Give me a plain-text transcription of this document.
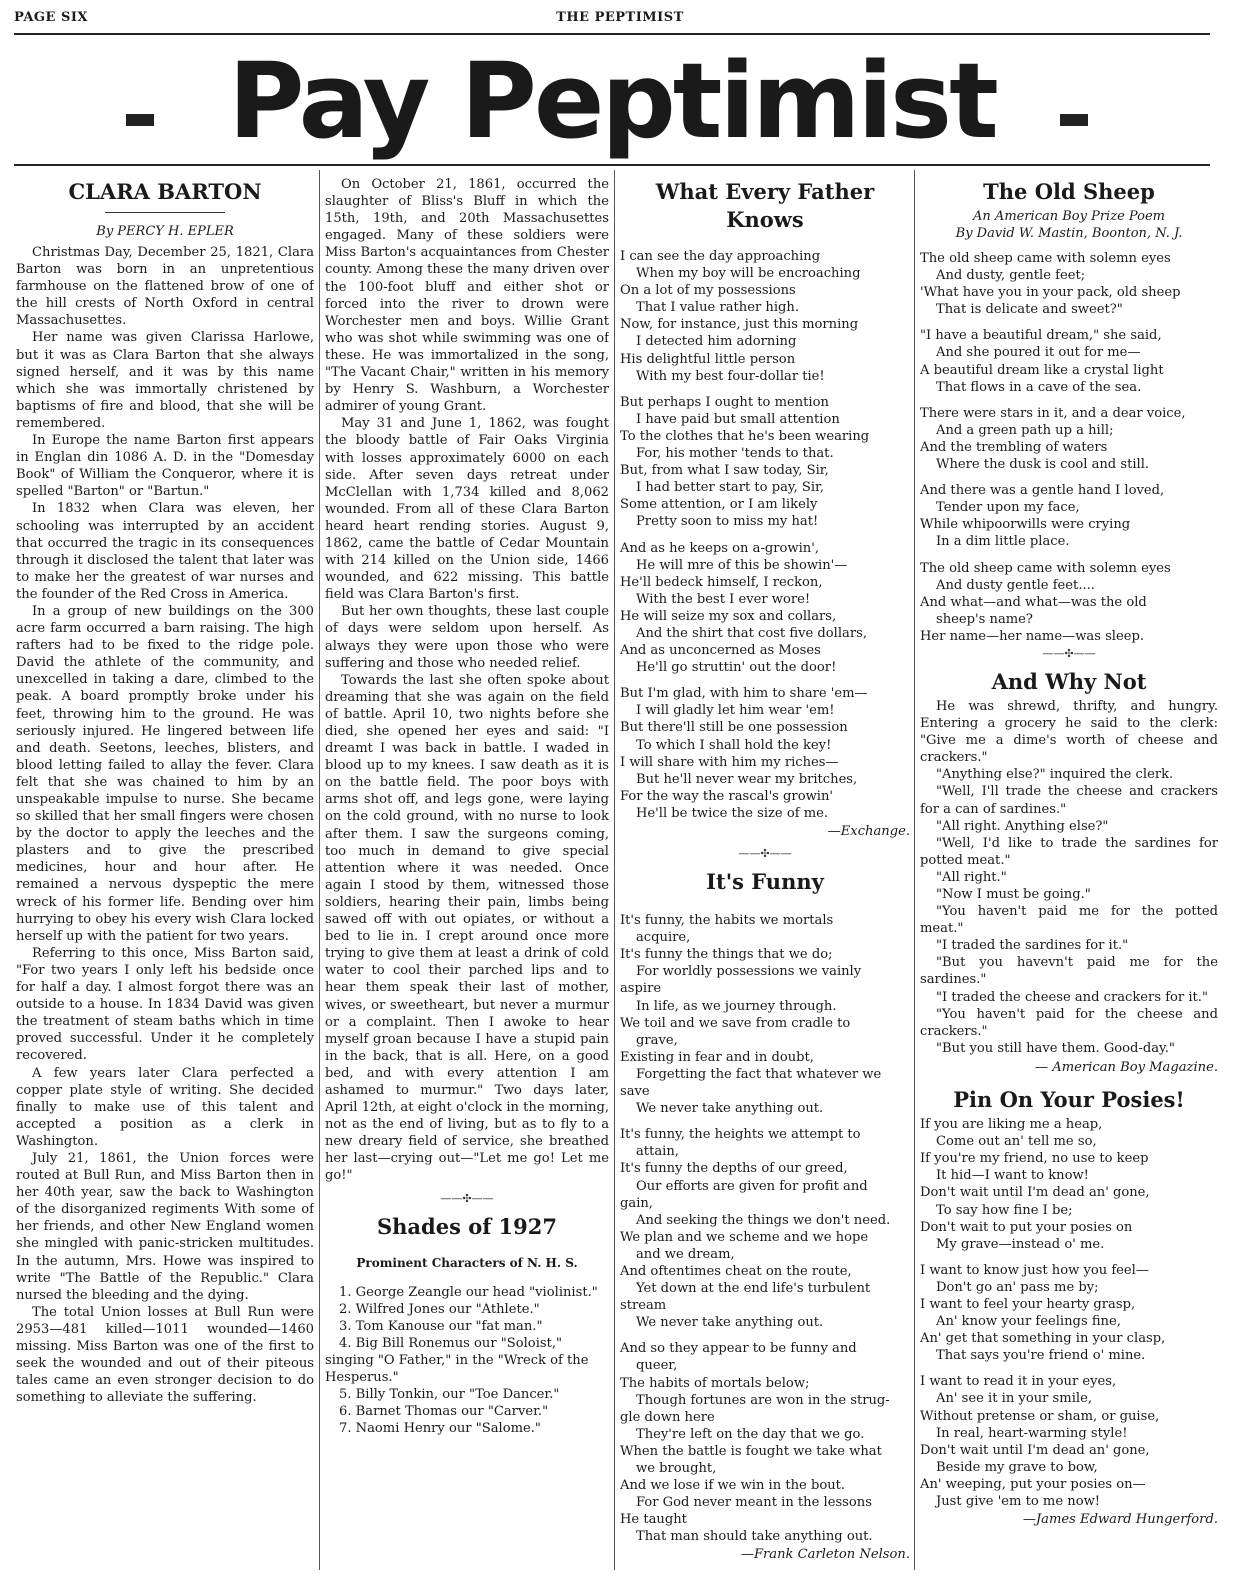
PAGE SIX	THE PEPTIMIST
Pay Peptimist
CLARA BARTON
By PERCY H. EPLER
Christmas Day, December 25, 1821, Clara Barton was born in an unpretentious farmhouse on the flattened brow of one of the hill crests of North Oxford in central Massachusettes.
Her name was given Clarissa Harlowe, but it was as Clara Barton that she always signed herself, and it was by this name which she was immortally christened by baptisms of fire and blood, that she will be remembered.
In Europe the name Barton first appears in Englan din 1086 A. D. in the "Domesday Book" of William the Conqueror, where it is spelled "Barton" or "Bartun."
In 1832 when Clara was eleven, her schooling was interrupted by an accident that occurred the tragic in its consequences through it disclosed the talent that later was to make her the greatest of war nurses and the founder of the Red Cross in America.
In a group of new buildings on the 300 acre farm occurred a barn raising. The high rafters had to be fixed to the ridge pole. David the athlete of the community, and unexcelled in taking a dare, climbed to the peak. A board promptly broke under his feet, throwing him to the ground. He was seriously injured. He lingered between life and death. Seetons, leeches, blisters, and blood letting failed to allay the fever. Clara felt that she was chained to him by an unspeakable impulse to nurse. She became so skilled that her small fingers were chosen by the doctor to apply the leeches and the plasters and to give the prescribed medicines, hour and hour after. He remained a nervous dyspeptic the mere wreck of his former life. Bending over him hurrying to obey his every wish Clara locked herself up with the patient for two years.
Referring to this once, Miss Barton said, "For two years I only left his bedside once for half a day. I almost forgot there was an outside to a house. In 1834 David was given the treatment of steam baths which in time proved successful. Under it he completely recovered.
A few years later Clara perfected a copper plate style of writing. She decided finally to make use of this talent and accepted a position as a clerk in Washington.
July 21, 1861, the Union forces were routed at Bull Run, and Miss Barton then in her 40th year, saw the back to Washington of the disorganized regiments With some of her friends, and other New England women she mingled with panic-stricken multitudes. In the autumn, Mrs. Howe was inspired to write "The Battle of the Republic." Clara nursed the bleeding and the dying.
The total Union losses at Bull Run were 2953—481 killed—1011 wounded—1460 missing. Miss Barton was one of the first to seek the wounded and out of their piteous tales came an even stronger decision to do something to alleviate the suffering.
On October 21, 1861, occurred the slaughter of Bliss's Bluff in which the 15th, 19th, and 20th Massachusettes engaged. Many of these soldiers were Miss Barton's acquaintances from Chester county. Among these the many driven over the 100-foot bluff and either shot or forced into the river to drown were Worchester men and boys. Willie Grant who was shot while swimming was one of these. He was immortalized in the song, "The Vacant Chair," written in his memory by Henry S. Washburn, a Worchester admirer of young Grant.
May 31 and June 1, 1862, was fought the bloody battle of Fair Oaks Virginia with losses approximately 6000 on each side. After seven days retreat under McClellan with 1,734 killed and 8,062 wounded. From all of these Clara Barton heard heart rending stories. August 9, 1862, came the battle of Cedar Mountain with 214 killed on the Union side, 1466 wounded, and 622 missing. This battle field was Clara Barton's first.
But her own thoughts, these last couple of days were seldom upon herself. As always they were upon those who were suffering and those who needed relief.
Towards the last she often spoke about dreaming that she was again on the field of battle. April 10, two nights before she died, she opened her eyes and said: "I dreamt I was back in battle. I waded in blood up to my knees. I saw death as it is on the battle field. The poor boys with arms shot off, and legs gone, were laying on the cold ground, with no nurse to look after them. I saw the surgeons coming, too much in demand to give special attention where it was needed. Once again I stood by them, witnessed those soldiers, hearing their pain, limbs being sawed off with out opiates, or without a bed to lie in. I crept around once more trying to give them at least a drink of cold water to cool their parched lips and to hear them speak their last of mother, wives, or sweetheart, but never a murmur or a complaint. Then I awoke to hear myself groan because I have a stupid pain in the back, that is all. Here, on a good bed, and with every attention I am ashamed to murmur." Two days later, April 12th, at eight o'clock in the morning, not as the end of living, but as to fly to a new dreary field of service, she breathed her last—crying out—"Let me go! Let me go!"
——✣——
Shades of 1927
Prominent Characters of N. H. S.
1. George Zeangle our head "violinist."
2. Wilfred Jones our "Athlete."
3. Tom Kanouse our "fat man."
4. Big Bill Ronemus our "Soloist," singing "O Father," in the "Wreck of the Hesperus."
5. Billy Tonkin, our "Toe Dancer."
6. Barnet Thomas our "Carver."
7. Naomi Henry our "Salome."
What Every Father Knows
I can see the day approaching
When my boy will be encroaching
On a lot of my possessions
That I value rather high.
Now, for instance, just this morning
I detected him adorning
His delightful little person
With my best four-dollar tie!
But perhaps I ought to mention
I have paid but small attention
To the clothes that he's been wearing
For, his mother 'tends to that.
But, from what I saw today, Sir,
I had better start to pay, Sir,
Some attention, or I am likely
Pretty soon to miss my hat!
And as he keeps on a-growin',
He will mre of this be showin'—
He'll bedeck himself, I reckon,
With the best I ever wore!
He will seize my sox and collars,
And the shirt that cost five dollars,
And as unconcerned as Moses
He'll go struttin' out the door!
But I'm glad, with him to share 'em—
I will gladly let him wear 'em!
But there'll still be one possession
To which I shall hold the key!
I will share with him my riches—
But he'll never wear my britches,
For the way the rascal's growin'
He'll be twice the size of me.
—Exchange.
——✣——
It's Funny
It's funny, the habits we mortals
acquire,
It's funny the things that we do;
For worldly possessions we vainly
aspire
In life, as we journey through.
We toil and we save from cradle to
grave,
Existing in fear and in doubt,
Forgetting the fact that whatever we
save
We never take anything out.
It's funny, the heights we attempt to
attain,
It's funny the depths of our greed,
Our efforts are given for profit and
gain,
And seeking the things we don't need.
We plan and we scheme and we hope
and we dream,
And oftentimes cheat on the route,
Yet down at the end life's turbulent
stream
We never take anything out.
And so they appear to be funny and
queer,
The habits of mortals below;
Though fortunes are won in the strug-
gle down here
They're left on the day that we go.
When the battle is fought we take what
we brought,
And we lose if we win in the bout.
For God never meant in the lessons
He taught
That man should take anything out.
—Frank Carleton Nelson.
The Old Sheep
An American Boy Prize Poem
By David W. Mastin, Boonton, N. J.
The old sheep came with solemn eyes
And dusty, gentle feet;
'What have you in your pack, old sheep
That is delicate and sweet?"
"I have a beautiful dream," she said,
And she poured it out for me—
A beautiful dream like a crystal light
That flows in a cave of the sea.
There were stars in it, and a dear voice,
And a green path up a hill;
And the trembling of waters
Where the dusk is cool and still.
And there was a gentle hand I loved,
Tender upon my face,
While whipoorwills were crying
In a dim little place.
The old sheep came with solemn eyes
And dusty gentle feet....
And what—and what—was the old
sheep's name?
Her name—her name—was sleep.
——✣——
And Why Not
He was shrewd, thrifty, and hungry. Entering a grocery he said to the clerk: "Give me a dime's worth of cheese and crackers."
"Anything else?" inquired the clerk.
"Well, I'll trade the cheese and crackers for a can of sardines."
"All right. Anything else?"
"Well, I'd like to trade the sardines for potted meat."
"All right."
"Now I must be going."
"You haven't paid me for the potted meat."
"I traded the sardines for it."
"But you havevn't paid me for the sardines."
"I traded the cheese and crackers for it."
"You haven't paid for the cheese and crackers."
"But you still have them. Good-day."
— American Boy Magazine.
Pin On Your Posies!
If you are liking me a heap,
Come out an' tell me so,
If you're my friend, no use to keep
It hid—I want to know!
Don't wait until I'm dead an' gone,
To say how fine I be;
Don't wait to put your posies on
My grave—instead o' me.
I want to know just how you feel—
Don't go an' pass me by;
I want to feel your hearty grasp,
An' know your feelings fine,
An' get that something in your clasp,
That says you're friend o' mine.
I want to read it in your eyes,
An' see it in your smile,
Without pretense or sham, or guise,
In real, heart-warming style!
Don't wait until I'm dead an' gone,
Beside my grave to bow,
An' weeping, put your posies on—
Just give 'em to me now!
—James Edward Hungerford.
